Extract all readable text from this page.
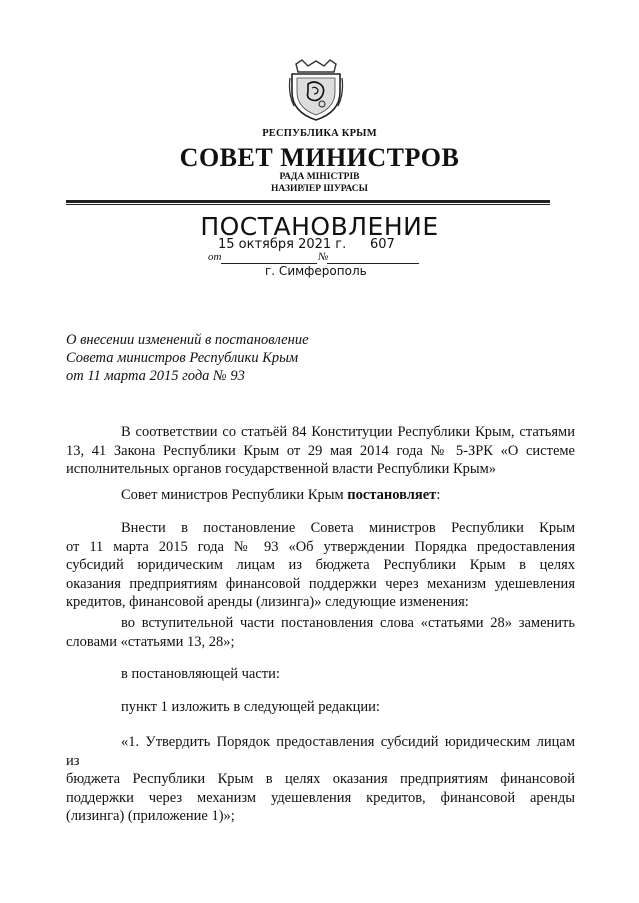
РЕСПУБЛИКА КРЫМ
СОВЕТ МИНИСТРОВ
РАДА МІНІСТРІВ
НАЗИРЛЕР ШУРАСЫ
ПОСТАНОВЛЕНИЕ
15 октября 2021 г. 607
от	№
г. Симферополь
О внесении изменений в постановление
Совета министров Республики Крым
от 11 марта 2015 года № 93
В соответствии со статьёй 84 Конституции Республики Крым, статьями
13, 41 Закона Республики Крым от 29 мая 2014 года № 5-ЗРК «О системе
исполнительных органов государственной власти Республики Крым»
Совет министров Республики Крым постановляет:
Внести в постановление Совета министров Республики Крым
от 11 марта 2015 года № 93 «Об утверждении Порядка предоставления
субсидий юридическим лицам из бюджета Республики Крым в целях
оказания предприятиям финансовой поддержки через механизм удешевления
кредитов, финансовой аренды (лизинга)» следующие изменения:
во вступительной части постановления слова «статьями 28» заменить
словами «статьями 13, 28»;
в постановляющей части:
пункт 1 изложить в следующей редакции:
«1. Утвердить Порядок предоставления субсидий юридическим лицам из
бюджета Республики Крым в целях оказания предприятиям финансовой
поддержки через механизм удешевления кредитов, финансовой аренды
(лизинга) (приложение 1)»;
